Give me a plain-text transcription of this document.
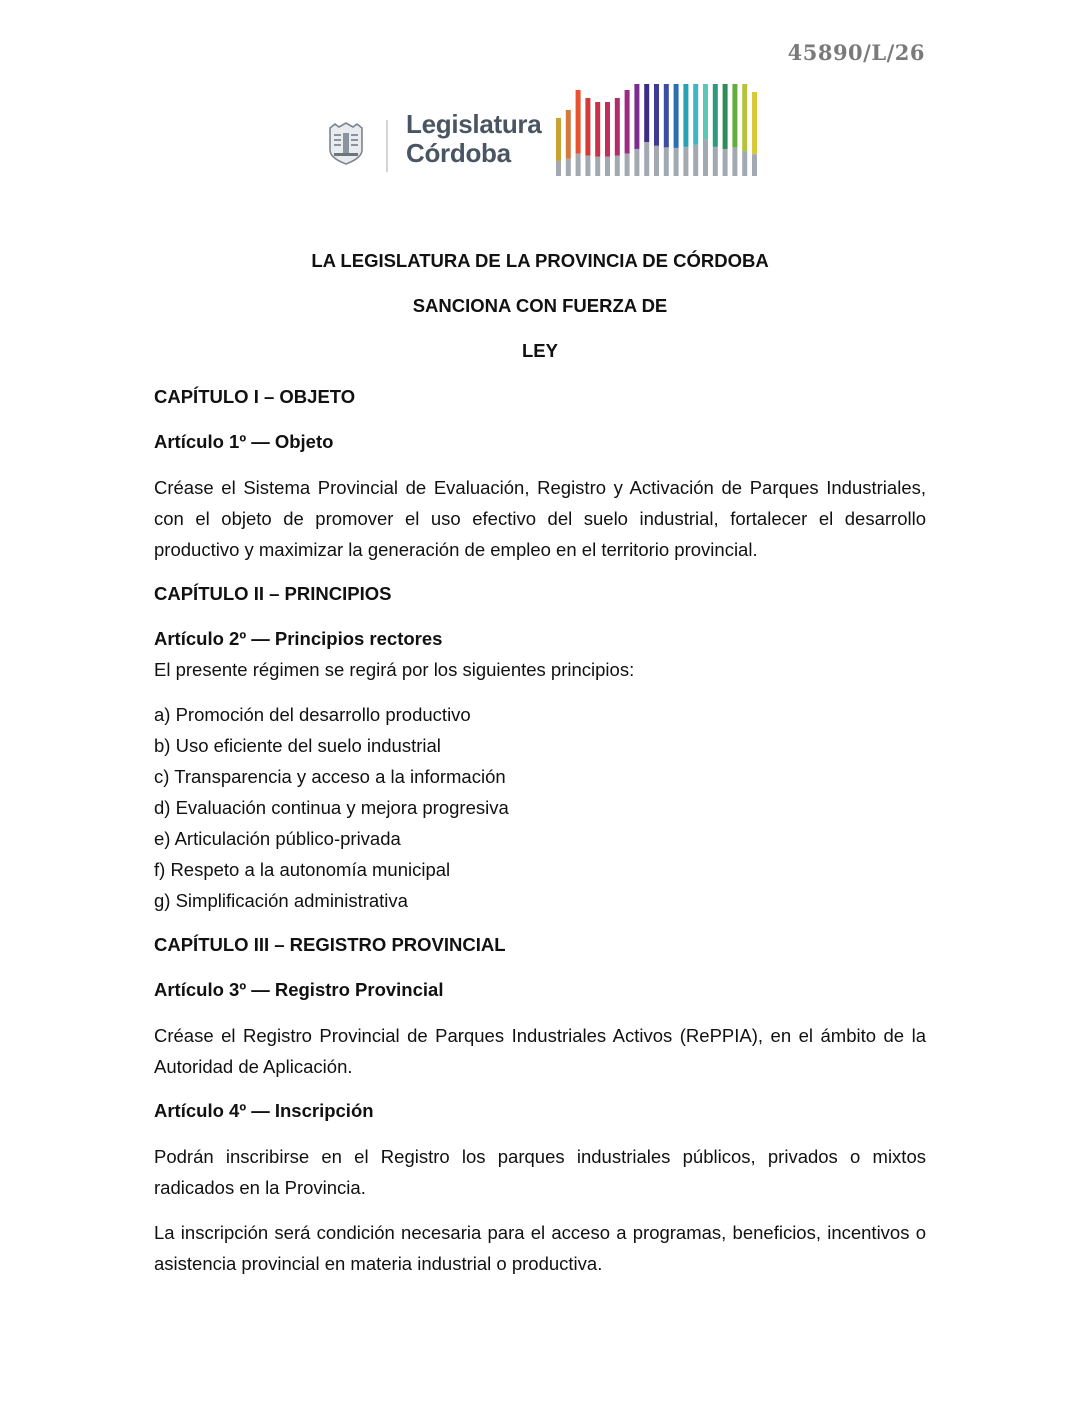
45890/L/26
Legislatura
Córdoba

LA LEGISLATURA DE LA PROVINCIA DE CÓRDOBA

SANCIONA CON FUERZA DE

LEY

CAPÍTULO I – OBJETO

Artículo 1º — Objeto

Créase el Sistema Provincial de Evaluación, Registro y Activación de Parques Industriales, con el objeto de promover el uso efectivo del suelo industrial, fortalecer el desarrollo productivo y maximizar la generación de empleo en el territorio provincial.

CAPÍTULO II – PRINCIPIOS

Artículo 2º — Principios rectores

El presente régimen se regirá por los siguientes principios:

a) Promoción del desarrollo productivo
b) Uso eficiente del suelo industrial
c) Transparencia y acceso a la información
d) Evaluación continua y mejora progresiva
e) Articulación público-privada
f) Respeto a la autonomía municipal
g) Simplificación administrativa

CAPÍTULO III – REGISTRO PROVINCIAL

Artículo 3º — Registro Provincial

Créase el Registro Provincial de Parques Industriales Activos (RePPIA), en el ámbito de la Autoridad de Aplicación.

Artículo 4º — Inscripción

Podrán inscribirse en el Registro los parques industriales públicos, privados o mixtos radicados en la Provincia.

La inscripción será condición necesaria para el acceso a programas, beneficios, incentivos o asistencia provincial en materia industrial o productiva.
